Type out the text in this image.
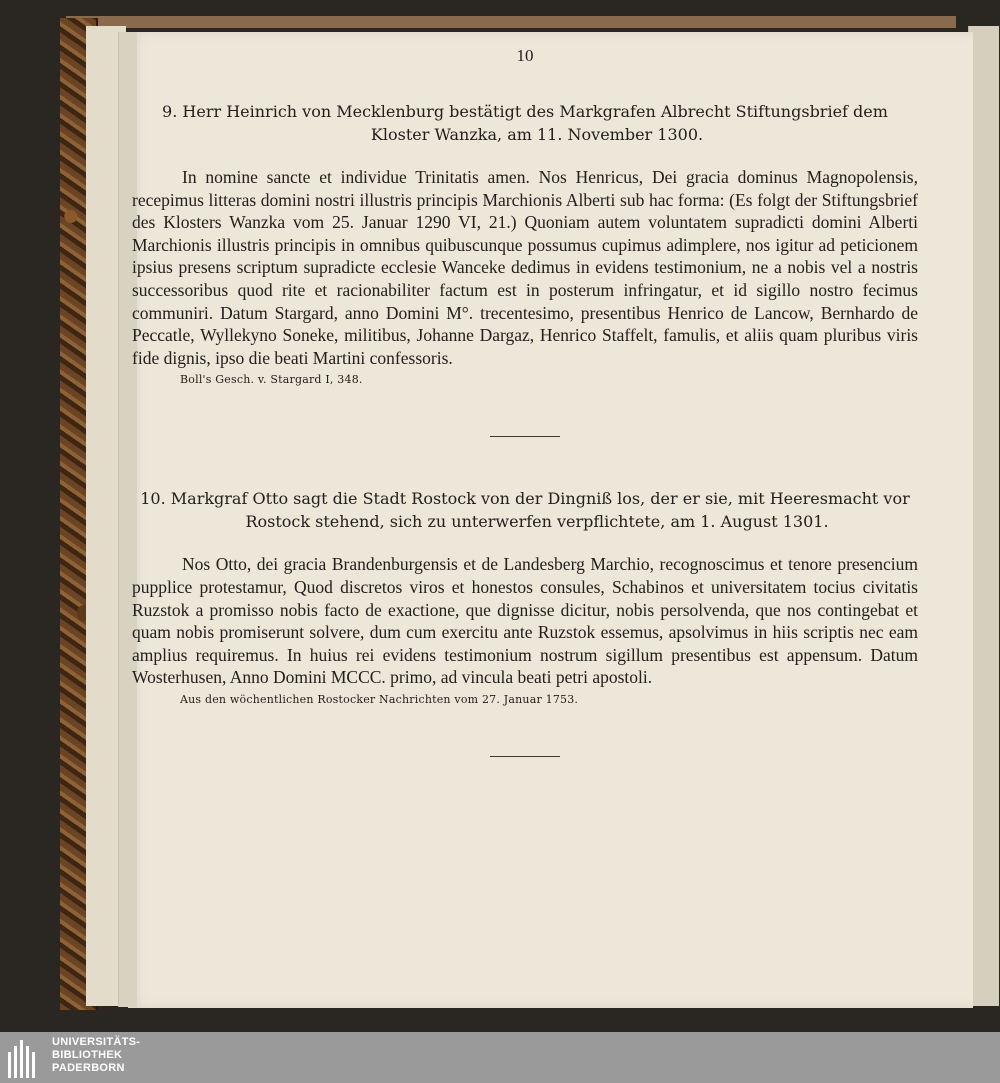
10

9. Herr Heinrich von Mecklenburg bestätigt des Markgrafen Albrecht Stiftungsbrief dem Kloster Wanzka, am 11. November 1300.

In nomine sancte et individue Trinitatis amen. Nos Henricus, Dei gracia dominus Magnopolensis, recepimus litteras domini nostri illustris principis Marchionis Alberti sub hac forma: (Es folgt der Stiftungsbrief des Klosters Wanzka vom 25. Januar 1290 VI, 21.) Quoniam autem voluntatem supradicti domini Alberti Marchionis illustris principis in omnibus quibuscunque possumus cupimus adimplere, nos igitur ad peticionem ipsius presens scriptum supradicte ecclesie Wanceke dedimus in evidens testimonium, ne a nobis vel a nostris successoribus quod rite et racionabiliter factum est in posterum infringatur, et id sigillo nostro fecimus communiri. Datum Stargard, anno Domini M°. trecentesimo, presentibus Henrico de Lancow, Bernhardo de Peccatle, Wyllekyno Soneke, militibus, Johanne Dargaz, Henrico Staffelt, famulis, et aliis quam pluribus viris fide dignis, ipso die beati Martini confessoris.

Boll's Gesch. v. Stargard I, 348.

10. Markgraf Otto sagt die Stadt Rostock von der Dingniß los, der er sie, mit Heeresmacht vor Rostock stehend, sich zu unterwerfen verpflichtete, am 1. August 1301.

Nos Otto, dei gracia Brandenburgensis et de Landesberg Marchio, recognoscimus et tenore presencium pupplice protestamur, Quod discretos viros et honestos consules, Schabinos et universitatem tocius civitatis Ruzstok a promisso nobis facto de exactione, que dignisse dicitur, nobis persolvenda, que nos contingebat et quam nobis promiserunt solvere, dum cum exercitu ante Ruzstok essemus, apsolvimus in hiis scriptis nec eam amplius requiremus. In huius rei evidens testimonium nostrum sigillum presentibus est appensum. Datum Wosterhusen, Anno Domini MCCC. primo, ad vincula beati petri apostoli.

Aus den wöchentlichen Rostocker Nachrichten vom 27. Januar 1753.
UNIVERSITÄTS-
BIBLIOTHEK
PADERBORN
